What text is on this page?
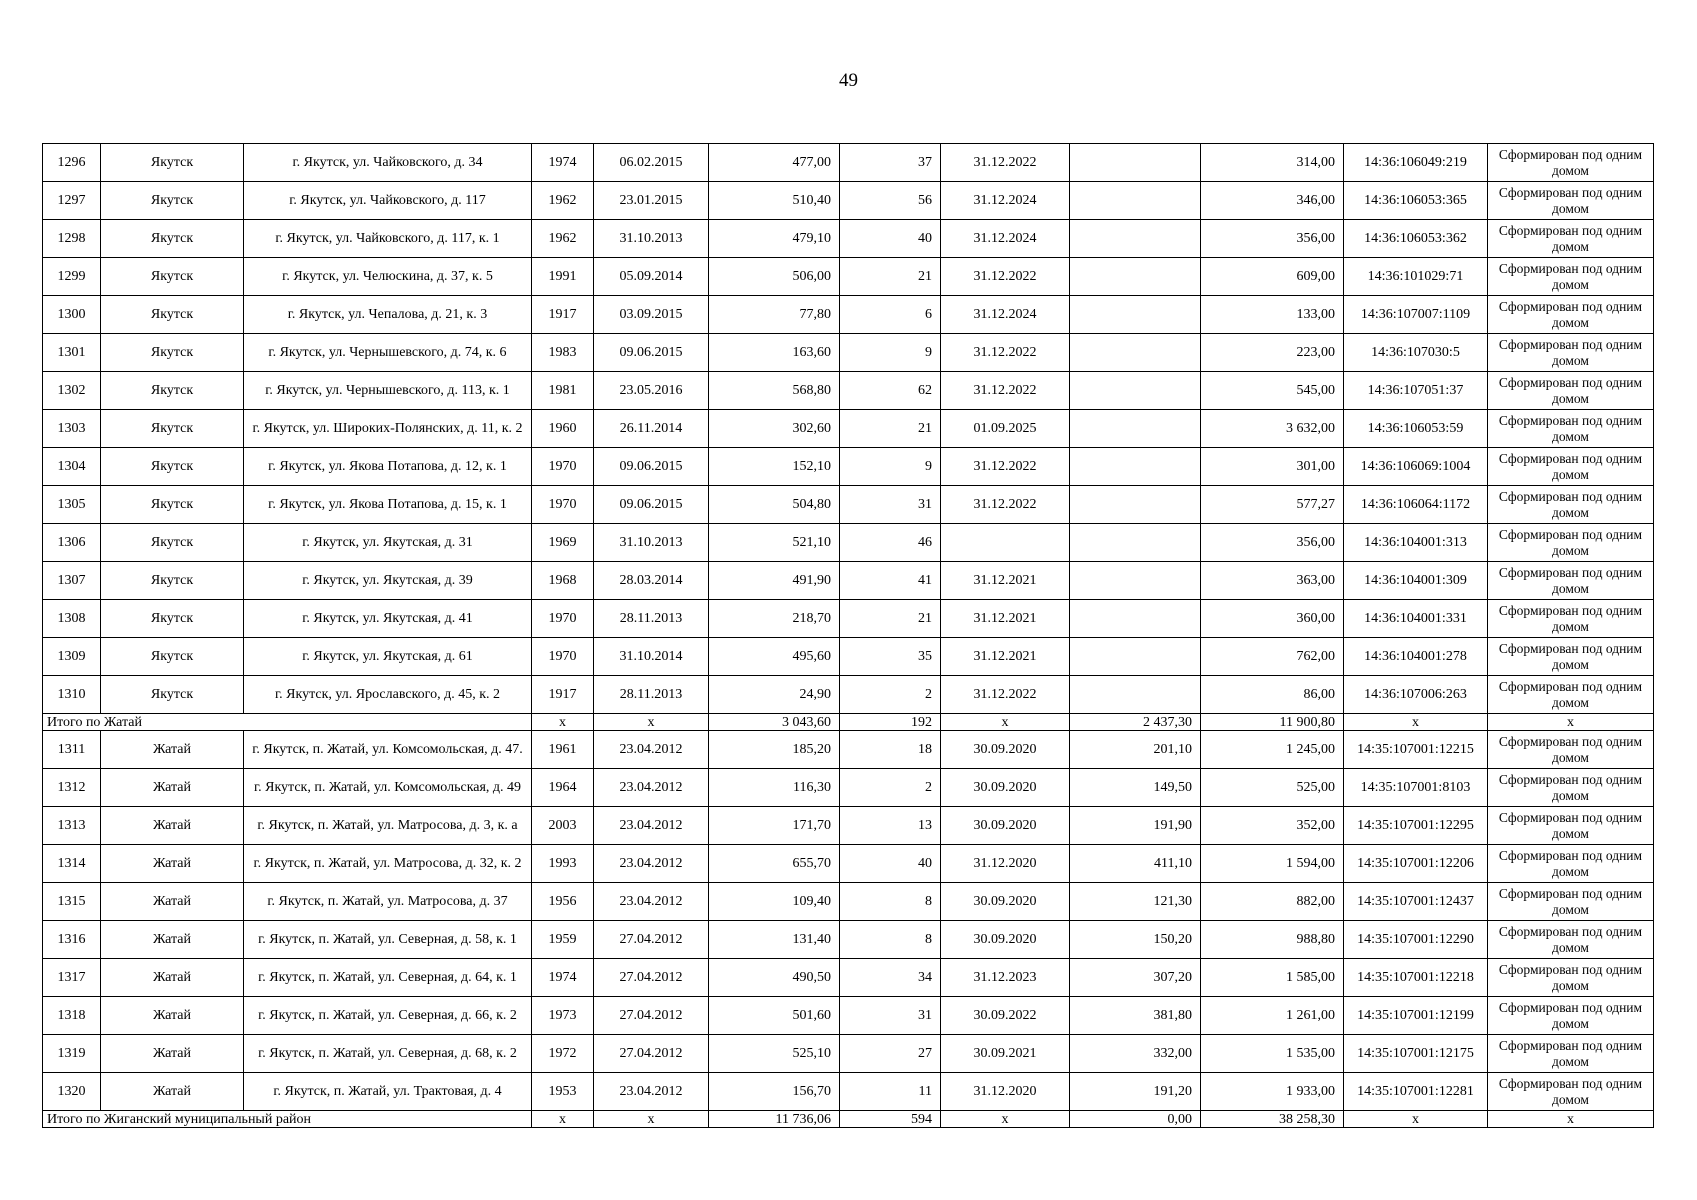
49
1296	Якутск	г. Якутск, ул. Чайковского, д. 34	1974	06.02.2015	477,00	37	31.12.2022		314,00	14:36:106049:219	Сформирован под одним домом
1297	Якутск	г. Якутск, ул. Чайковского, д. 117	1962	23.01.2015	510,40	56	31.12.2024		346,00	14:36:106053:365	Сформирован под одним домом
1298	Якутск	г. Якутск, ул. Чайковского, д. 117, к. 1	1962	31.10.2013	479,10	40	31.12.2024		356,00	14:36:106053:362	Сформирован под одним домом
1299	Якутск	г. Якутск, ул. Челюскина, д. 37, к. 5	1991	05.09.2014	506,00	21	31.12.2022		609,00	14:36:101029:71	Сформирован под одним домом
1300	Якутск	г. Якутск, ул. Чепалова, д. 21, к. 3	1917	03.09.2015	77,80	6	31.12.2024		133,00	14:36:107007:1109	Сформирован под одним домом
1301	Якутск	г. Якутск, ул. Чернышевского, д. 74, к. 6	1983	09.06.2015	163,60	9	31.12.2022		223,00	14:36:107030:5	Сформирован под одним домом
1302	Якутск	г. Якутск, ул. Чернышевского, д. 113, к. 1	1981	23.05.2016	568,80	62	31.12.2022		545,00	14:36:107051:37	Сформирован под одним домом
1303	Якутск	г. Якутск, ул. Широких-Полянских, д. 11, к. 2	1960	26.11.2014	302,60	21	01.09.2025		3 632,00	14:36:106053:59	Сформирован под одним домом
1304	Якутск	г. Якутск, ул. Якова Потапова, д. 12, к. 1	1970	09.06.2015	152,10	9	31.12.2022		301,00	14:36:106069:1004	Сформирован под одним домом
1305	Якутск	г. Якутск, ул. Якова Потапова, д. 15, к. 1	1970	09.06.2015	504,80	31	31.12.2022		577,27	14:36:106064:1172	Сформирован под одним домом
1306	Якутск	г. Якутск, ул. Якутская, д. 31	1969	31.10.2013	521,10	46			356,00	14:36:104001:313	Сформирован под одним домом
1307	Якутск	г. Якутск, ул. Якутская, д. 39	1968	28.03.2014	491,90	41	31.12.2021		363,00	14:36:104001:309	Сформирован под одним домом
1308	Якутск	г. Якутск, ул. Якутская, д. 41	1970	28.11.2013	218,70	21	31.12.2021		360,00	14:36:104001:331	Сформирован под одним домом
1309	Якутск	г. Якутск, ул. Якутская, д. 61	1970	31.10.2014	495,60	35	31.12.2021		762,00	14:36:104001:278	Сформирован под одним домом
1310	Якутск	г. Якутск, ул. Ярославского, д. 45, к. 2	1917	28.11.2013	24,90	2	31.12.2022		86,00	14:36:107006:263	Сформирован под одним домом
Итого по Жатай			x	x	3 043,60	192	x	2 437,30	11 900,80	x	x
1311	Жатай	г. Якутск, п. Жатай, ул. Комсомольская, д. 47.	1961	23.04.2012	185,20	18	30.09.2020	201,10	1 245,00	14:35:107001:12215	Сформирован под одним домом
1312	Жатай	г. Якутск, п. Жатай, ул. Комсомольская, д. 49	1964	23.04.2012	116,30	2	30.09.2020	149,50	525,00	14:35:107001:8103	Сформирован под одним домом
1313	Жатай	г. Якутск, п. Жатай, ул. Матросова, д. 3, к. а	2003	23.04.2012	171,70	13	30.09.2020	191,90	352,00	14:35:107001:12295	Сформирован под одним домом
1314	Жатай	г. Якутск, п. Жатай, ул. Матросова, д. 32, к. 2	1993	23.04.2012	655,70	40	31.12.2020	411,10	1 594,00	14:35:107001:12206	Сформирован под одним домом
1315	Жатай	г. Якутск, п. Жатай, ул. Матросова, д. 37	1956	23.04.2012	109,40	8	30.09.2020	121,30	882,00	14:35:107001:12437	Сформирован под одним домом
1316	Жатай	г. Якутск, п. Жатай, ул. Северная, д. 58, к. 1	1959	27.04.2012	131,40	8	30.09.2020	150,20	988,80	14:35:107001:12290	Сформирован под одним домом
1317	Жатай	г. Якутск, п. Жатай, ул. Северная, д. 64, к. 1	1974	27.04.2012	490,50	34	31.12.2023	307,20	1 585,00	14:35:107001:12218	Сформирован под одним домом
1318	Жатай	г. Якутск, п. Жатай, ул. Северная, д. 66, к. 2	1973	27.04.2012	501,60	31	30.09.2022	381,80	1 261,00	14:35:107001:12199	Сформирован под одним домом
1319	Жатай	г. Якутск, п. Жатай, ул. Северная, д. 68, к. 2	1972	27.04.2012	525,10	27	30.09.2021	332,00	1 535,00	14:35:107001:12175	Сформирован под одним домом
1320	Жатай	г. Якутск, п. Жатай, ул. Трактовая, д. 4	1953	23.04.2012	156,70	11	31.12.2020	191,20	1 933,00	14:35:107001:12281	Сформирован под одним домом
Итого по Жиганский муниципальный район			x	x	11 736,06	594	x	0,00	38 258,30	x	x
